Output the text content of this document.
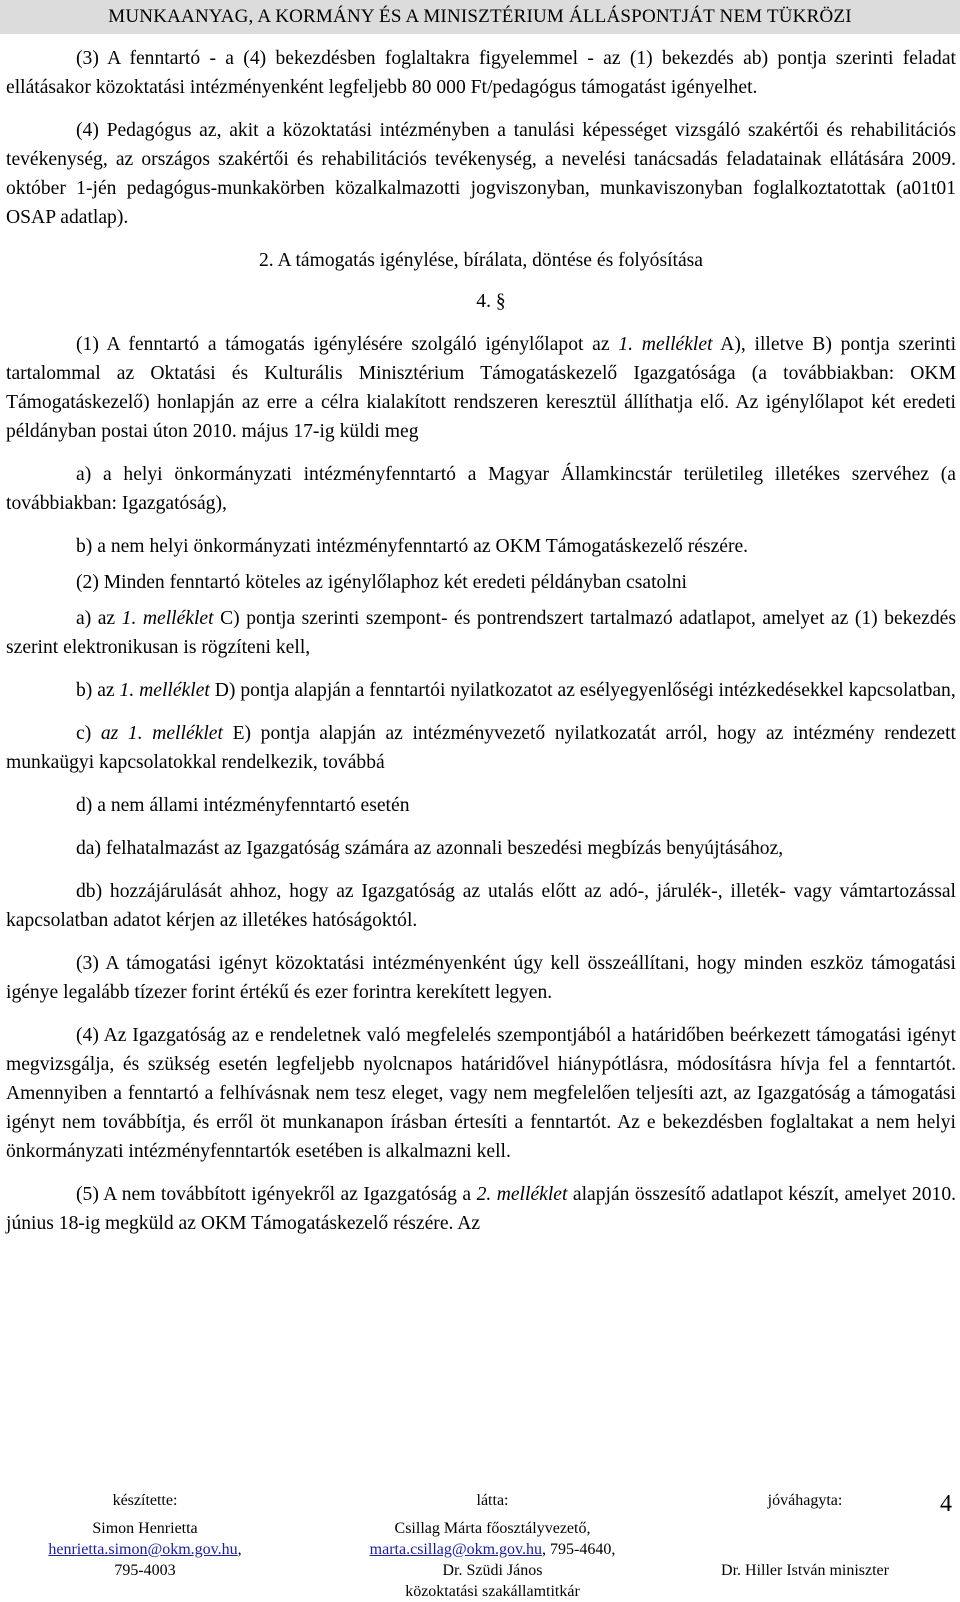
MUNKAANYAG, A KORMÁNY ÉS A MINISZTÉRIUM ÁLLÁSPONTJÁT NEM TÜKRÖZI

(3) A fenntartó - a (4) bekezdésben foglaltakra figyelemmel - az (1) bekezdés ab) pontja szerinti feladat ellátásakor közoktatási intézményenként legfeljebb 80 000 Ft/pedagógus támogatást igényelhet.

(4) Pedagógus az, akit a közoktatási intézményben a tanulási képességet vizsgáló szakértői és rehabilitációs tevékenység, az országos szakértői és rehabilitációs tevékenység, a nevelési tanácsadás feladatainak ellátására 2009. október 1-jén pedagógus-munkakörben közalkalmazotti jogviszonyban, munkaviszonyban foglalkoztatottak (a01t01 OSAP adatlap).

2. A támogatás igénylése, bírálata, döntése és folyósítása
4. §

(1) A fenntartó a támogatás igénylésére szolgáló igénylőlapot az 1. melléklet A), illetve B) pontja szerinti tartalommal az Oktatási és Kulturális Minisztérium Támogatáskezelő Igazgatósága (a továbbiakban: OKM Támogatáskezelő) honlapján az erre a célra kialakított rendszeren keresztül állíthatja elő. Az igénylőlapot két eredeti példányban postai úton 2010. május 17-ig küldi meg

a) a helyi önkormányzati intézményfenntartó a Magyar Államkincstár területileg illetékes szervéhez (a továbbiakban: Igazgatóság),

b) a nem helyi önkormányzati intézményfenntartó az OKM Támogatáskezelő részére.

(2) Minden fenntartó köteles az igénylőlaphoz két eredeti példányban csatolni

a) az 1. melléklet C) pontja szerinti szempont- és pontrendszert tartalmazó adatlapot, amelyet az (1) bekezdés szerint elektronikusan is rögzíteni kell,

b) az 1. melléklet D) pontja alapján a fenntartói nyilatkozatot az esélyegyenlőségi intézkedésekkel kapcsolatban,

c) az 1. melléklet E) pontja alapján az intézményvezető nyilatkozatát arról, hogy az intézmény rendezett munkaügyi kapcsolatokkal rendelkezik, továbbá

d) a nem állami intézményfenntartó esetén

da) felhatalmazást az Igazgatóság számára az azonnali beszedési megbízás benyújtásához,

db) hozzájárulását ahhoz, hogy az Igazgatóság az utalás előtt az adó-, járulék-, illeték- vagy vámtartozással kapcsolatban adatot kérjen az illetékes hatóságoktól.

(3) A támogatási igényt közoktatási intézményenként úgy kell összeállítani, hogy minden eszköz támogatási igénye legalább tízezer forint értékű és ezer forintra kerekített legyen.

(4) Az Igazgatóság az e rendeletnek való megfelelés szempontjából a határidőben beérkezett támogatási igényt megvizsgálja, és szükség esetén legfeljebb nyolcnapos határidővel hiánypótlásra, módosításra hívja fel a fenntartót. Amennyiben a fenntartó a felhívásnak nem tesz eleget, vagy nem megfelelően teljesíti azt, az Igazgatóság a támogatási igényt nem továbbítja, és erről öt munkanapon írásban értesíti a fenntartót. Az e bekezdésben foglaltakat a nem helyi önkormányzati intézményfenntartók esetében is alkalmazni kell.

(5) A nem továbbított igényekről az Igazgatóság a 2. melléklet alapján összesítő adatlapot készít, amelyet 2010. június 18-ig megküld az OKM Támogatáskezelő részére. Az

készítette:
Simon Henrietta
henrietta.simon@okm.gov.hu,
795-4003
látta:
Csillag Márta főosztályvezető,
marta.csillag@okm.gov.hu, 795-4640,
Dr. Szüdi János
közoktatási szakállamtitkár
jóváhagyta:
Dr. Hiller István miniszter
4
